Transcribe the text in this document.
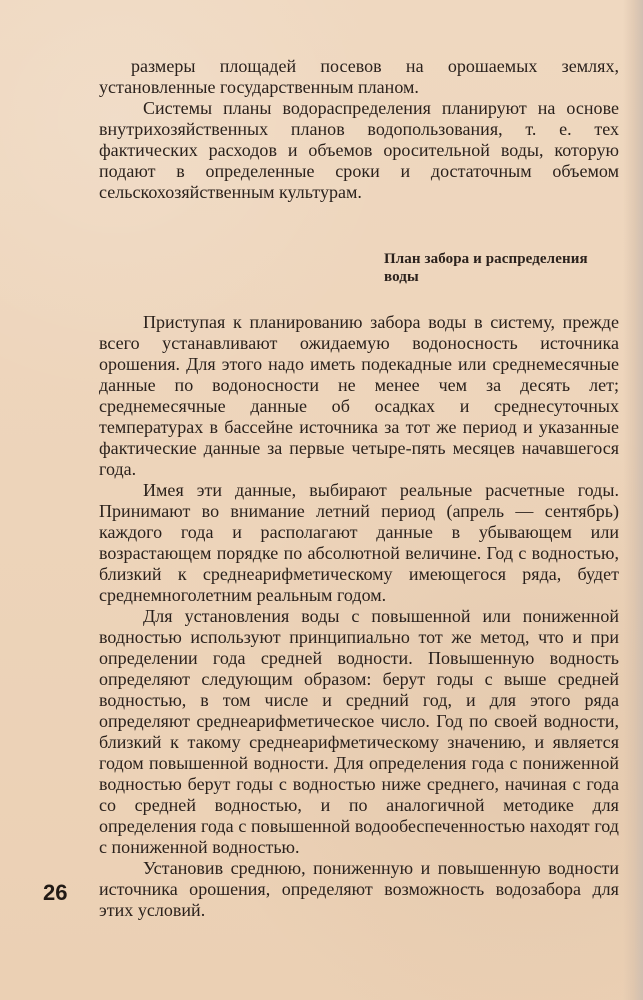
размеры площадей посевов на орошаемых землях, установленные государственным планом.

Системы планы водораспределения планируют на основе внутрихозяйственных планов водопользования, т. е. тех фактических расходов и объемов оросительной воды, которую подают в определенные сроки и достаточным объемом сельскохозяйственным культурам.

План забора и распределения воды

Приступая к планированию забора воды в систему, прежде всего устанавливают ожидаемую водоносность источника орошения. Для этого надо иметь подекадные или среднемесячные данные по водоносности не менее чем за десять лет; среднемесячные данные об осадках и среднесуточных температурах в бассейне источника за тот же период и указанные фактические данные за первые четыре-пять месяцев начавшегося года.

Имея эти данные, выбирают реальные расчетные годы. Принимают во внимание летний период (апрель — сентябрь) каждого года и располагают данные в убывающем или возрастающем порядке по абсолютной величине. Год с водностью, близкий к среднеарифметическому имеющегося ряда, будет среднемноголетним реальным годом.

Для установления воды с повышенной или пониженной водностью используют принципиально тот же метод, что и при определении года средней водности. Повышенную водность определяют следующим образом: берут годы с выше средней водностью, в том числе и средний год, и для этого ряда определяют среднеарифметическое число. Год по своей водности, близкий к такому среднеарифметическому значению, и является годом повышенной водности. Для определения года с пониженной водностью берут годы с водностью ниже среднего, начиная с года со средней водностью, и по аналогичной методике для определения года с повышенной водообеспеченностью находят год с пониженной водностью.

Установив среднюю, пониженную и повышенную водности источника орошения, определяют возможность водозабора для этих условий.

26
